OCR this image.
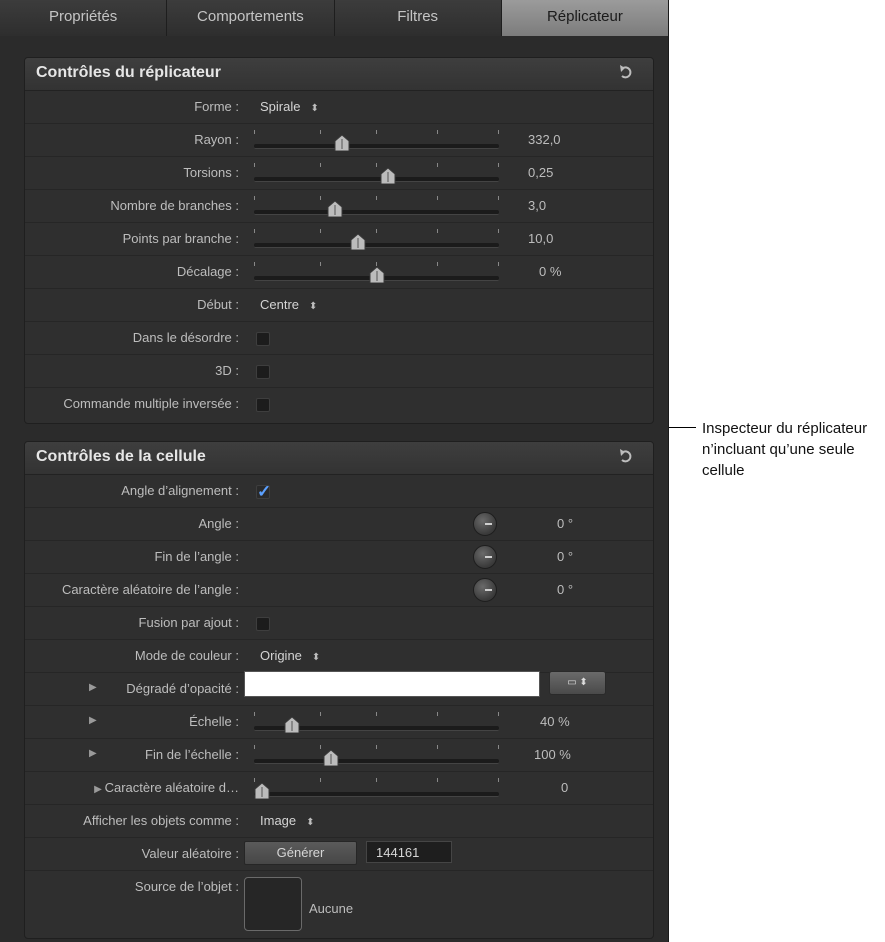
Propriétés	Comportements	Filtres	Réplicateur
Contrôles du réplicateur
Forme : Spirale ⬍
Rayon :	332,0
Torsions :	0,25
Nombre de branches :	3,0
Points par branche :	10,0
Décalage :	0 %
Début : Centre ⬍
Dans le désordre :
3D :
Commande multiple inversée :
Contrôles de la cellule
Angle d’alignement : ✓
Angle :	0 °
Fin de l’angle :	0 °
Caractère aléatoire de l’angle :	0 °
Fusion par ajout :
Mode de couleur : Origine ⬍
▶ Dégradé d’opacité :	▭ ⬍
▶	Échelle :	40 %
▶	Fin de l’échelle :	100 %
▶ Caractère aléatoire d…	0
Afficher les objets comme : Image ⬍
Valeur aléatoire :	Générer	144161
Source de l’objet :
Aucune
Inspecteur du réplicateur n’incluant qu’une seule cellule
